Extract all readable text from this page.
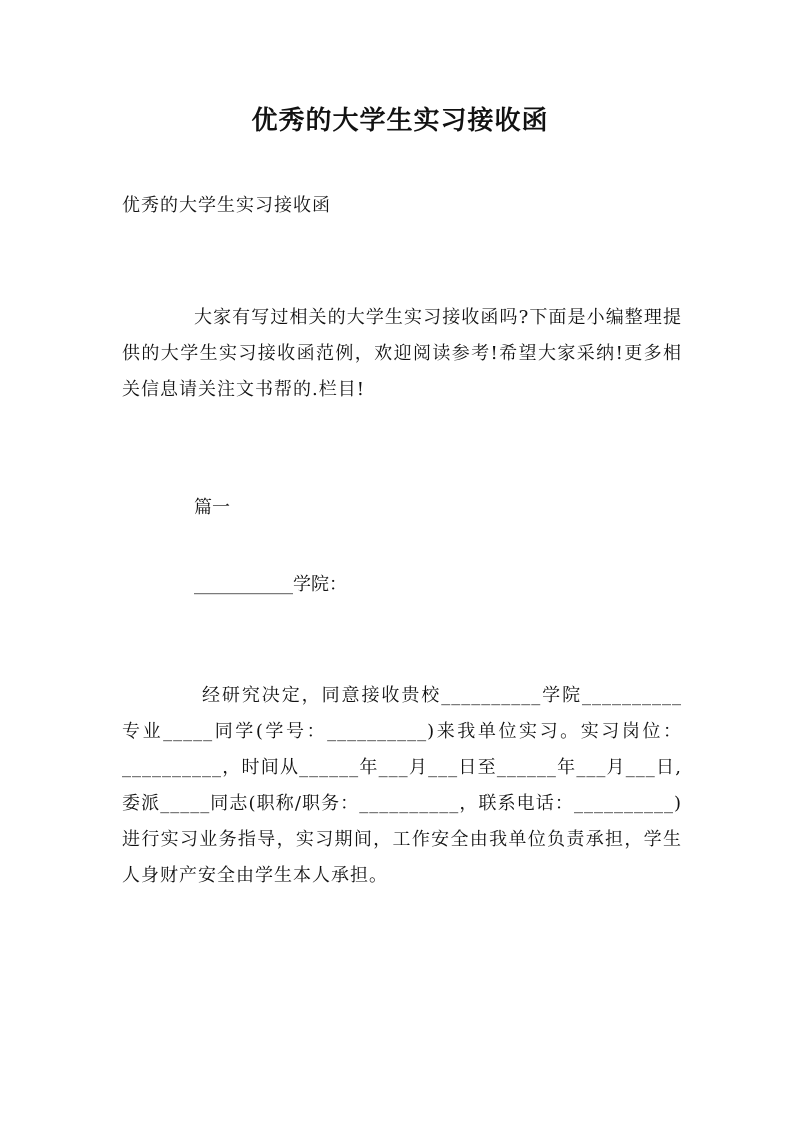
优秀的大学生实习接收函
优秀的大学生实习接收函
大家有写过相关的大学生实习接收函吗?下面是小编整理提供的大学生实习接收函范例，欢迎阅读参考!希望大家采纳!更多相关信息请关注文书帮的.栏目!
篇一
___________学院：
经研究决定，同意接收贵校__________学院__________专业_____同学(学号：__________)来我单位实习。实习岗位：__________，时间从______年___月___日至______年___月___日,委派_____同志(职称/职务：__________，联系电话：__________)进行实习业务指导，实习期间，工作安全由我单位负责承担，学生人身财产安全由学生本人承担。
